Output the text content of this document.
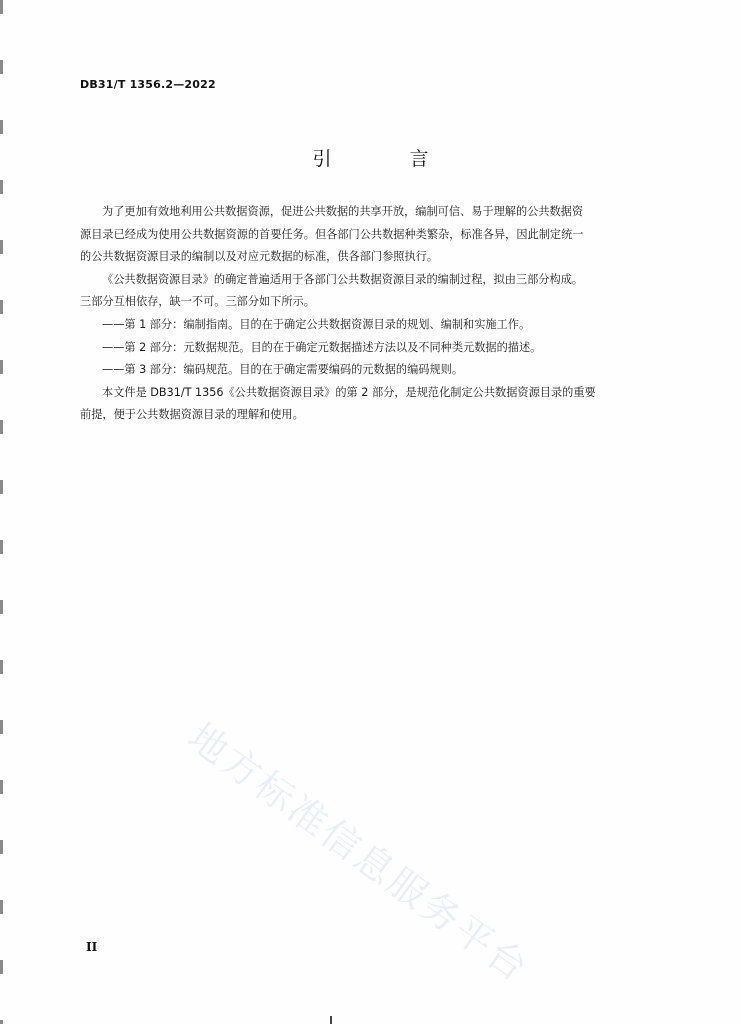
DB31/T 1356.2—2022
引 言
为了更加有效地利用公共数据资源，促进公共数据的共享开放，编制可信、易于理解的公共数据资
源目录已经成为使用公共数据资源的首要任务。但各部门公共数据种类繁杂，标准各异，因此制定统一
的公共数据资源目录的编制以及对应元数据的标准，供各部门参照执行。
《公共数据资源目录》的确定普遍适用于各部门公共数据资源目录的编制过程，拟由三部分构成。
三部分互相依存，缺一不可。三部分如下所示。
——第 1 部分：编制指南。目的在于确定公共数据资源目录的规划、编制和实施工作。
——第 2 部分：元数据规范。目的在于确定元数据描述方法以及不同种类元数据的描述。
——第 3 部分：编码规范。目的在于确定需要编码的元数据的编码规则。
本文件是 DB31/T 1356《公共数据资源目录》的第 2 部分，是规范化制定公共数据资源目录的重要
前提，便于公共数据资源目录的理解和使用。
地方标准信息服务平台
II
